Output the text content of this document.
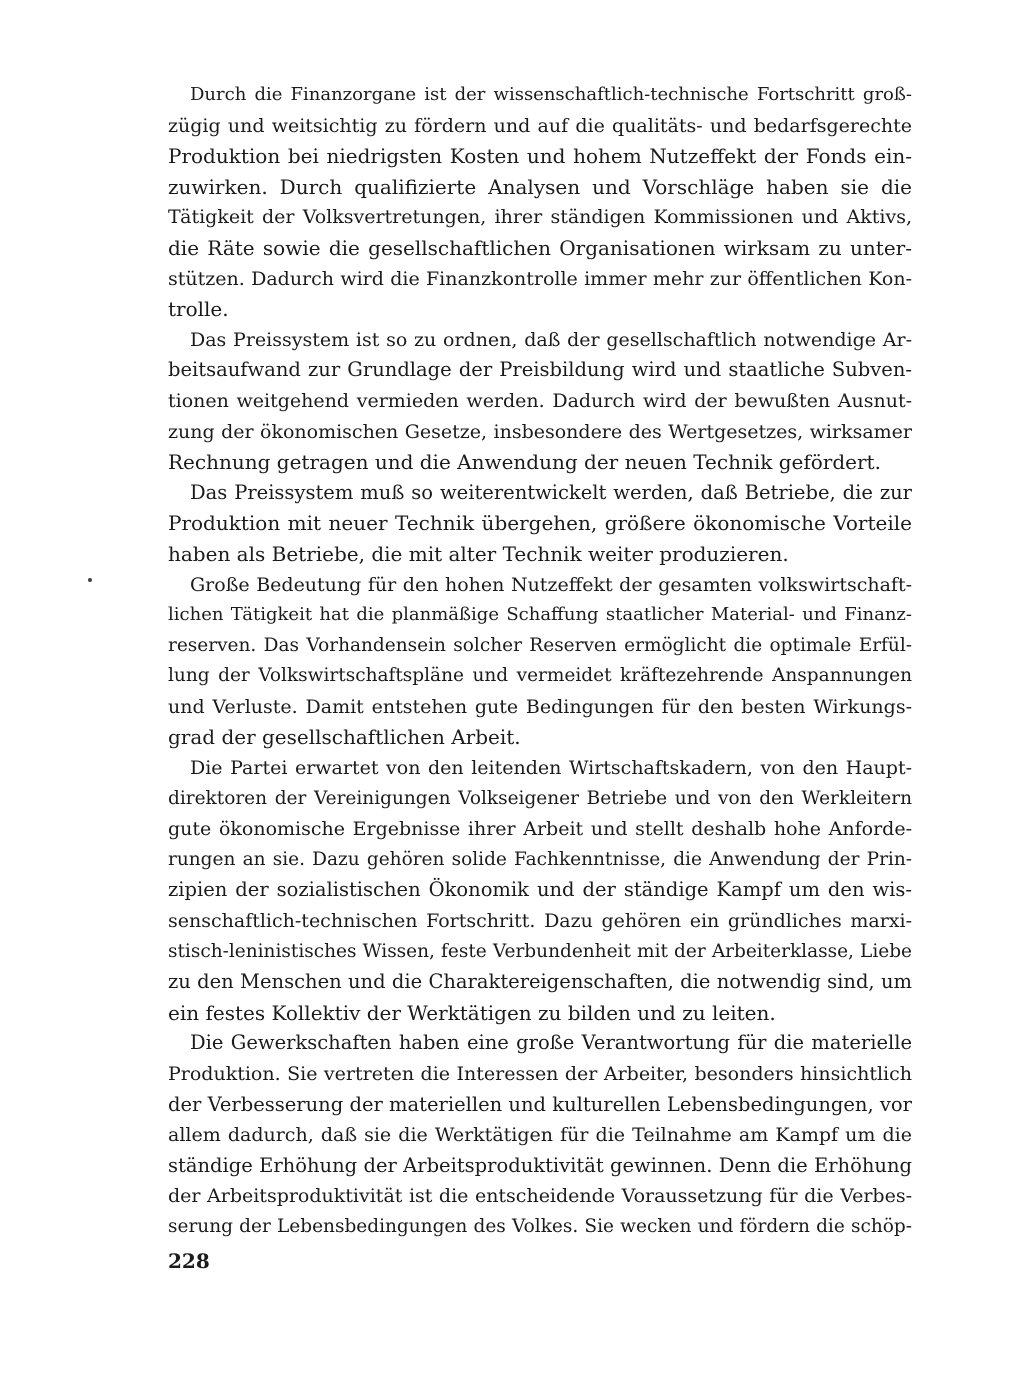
Durch die Finanzorgane ist der wissenschaftlich-technische Fortschritt groß-
zügig und weitsichtig zu fördern und auf die qualitäts- und bedarfsgerechte
Produktion bei niedrigsten Kosten und hohem Nutzeffekt der Fonds ein-
zuwirken. Durch qualifizierte Analysen und Vorschläge haben sie die
Tätigkeit der Volksvertretungen, ihrer ständigen Kommissionen und Aktivs,
die Räte sowie die gesellschaftlichen Organisationen wirksam zu unter-
stützen. Dadurch wird die Finanzkontrolle immer mehr zur öffentlichen Kon-
trolle.
Das Preissystem ist so zu ordnen, daß der gesellschaftlich notwendige Ar-
beitsaufwand zur Grundlage der Preisbildung wird und staatliche Subven-
tionen weitgehend vermieden werden. Dadurch wird der bewußten Ausnut-
zung der ökonomischen Gesetze, insbesondere des Wertgesetzes, wirksamer
Rechnung getragen und die Anwendung der neuen Technik gefördert.
Das Preissystem muß so weiterentwickelt werden, daß Betriebe, die zur
Produktion mit neuer Technik übergehen, größere ökonomische Vorteile
haben als Betriebe, die mit alter Technik weiter produzieren.
Große Bedeutung für den hohen Nutzeffekt der gesamten volkswirtschaft-
lichen Tätigkeit hat die planmäßige Schaffung staatlicher Material- und Finanz-
reserven. Das Vorhandensein solcher Reserven ermöglicht die optimale Erfül-
lung der Volkswirtschaftspläne und vermeidet kräftezehrende Anspannungen
und Verluste. Damit entstehen gute Bedingungen für den besten Wirkungs-
grad der gesellschaftlichen Arbeit.
Die Partei erwartet von den leitenden Wirtschaftskadern, von den Haupt-
direktoren der Vereinigungen Volkseigener Betriebe und von den Werkleitern
gute ökonomische Ergebnisse ihrer Arbeit und stellt deshalb hohe Anforde-
rungen an sie. Dazu gehören solide Fachkenntnisse, die Anwendung der Prin-
zipien der sozialistischen Ökonomik und der ständige Kampf um den wis-
senschaftlich-technischen Fortschritt. Dazu gehören ein gründliches marxi-
stisch-leninistisches Wissen, feste Verbundenheit mit der Arbeiterklasse, Liebe
zu den Menschen und die Charaktereigenschaften, die notwendig sind, um
ein festes Kollektiv der Werktätigen zu bilden und zu leiten.
Die Gewerkschaften haben eine große Verantwortung für die materielle
Produktion. Sie vertreten die Interessen der Arbeiter, besonders hinsichtlich
der Verbesserung der materiellen und kulturellen Lebensbedingungen, vor
allem dadurch, daß sie die Werktätigen für die Teilnahme am Kampf um die
ständige Erhöhung der Arbeitsproduktivität gewinnen. Denn die Erhöhung
der Arbeitsproduktivität ist die entscheidende Voraussetzung für die Verbes-
serung der Lebensbedingungen des Volkes. Sie wecken und fördern die schöp-
228
